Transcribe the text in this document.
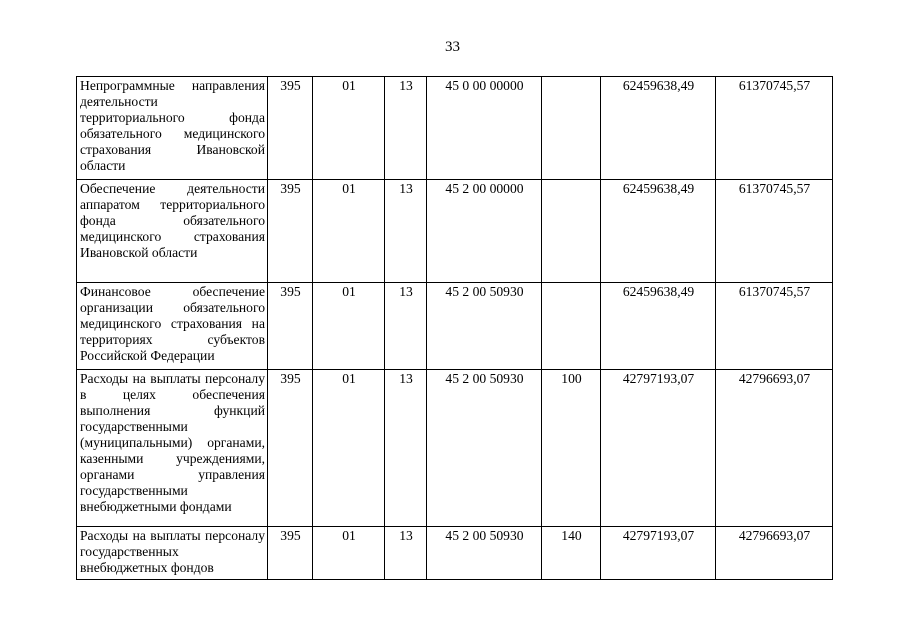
33
Непрограммные направления деятельности территориального фонда обязательного медицинского страхования Ивановской области	395	01	13	45 0 00 00000		62459638,49	61370745,57
Обеспечение деятельности аппаратом территориального фонда обязательного медицинского страхования Ивановской области	395	01	13	45 2 00 00000		62459638,49	61370745,57
Финансовое обеспечение организации обязательного медицинского страхования на территориях субъектов Российской Федерации	395	01	13	45 2 00 50930		62459638,49	61370745,57
Расходы на выплаты персоналу в целях обеспечения выполнения функций государственными (муниципальными) органами, казенными учреждениями, органами управления государственными внебюджетными фондами	395	01	13	45 2 00 50930	100	42797193,07	42796693,07
Расходы на выплаты персоналу государственных внебюджетных фондов	395	01	13	45 2 00 50930	140	42797193,07	42796693,07
